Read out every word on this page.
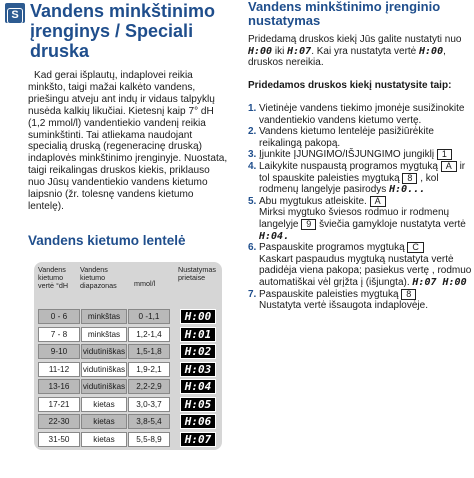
S Vandens minkštinimo įrenginys / Speciali druska
Kad gerai išplautų, indaplovei reikia minkšto, taigi mažai kalkėto vandens, priešingu atveju ant indų ir vidaus talpyklų nusėda kalkių likučiai. Kietesnį kaip 7° dH (1,2 mmol/l) vandentiekio vandenį reikia suminkštinti. Tai atliekama naudojant specialią druską (regeneracinę druską) indaplovės minkštinimo įrenginyje. Nuostata, taigi reikalingas druskos kiekis, priklauso nuo Jūsų vandentiekio vandens kietumo laipsnio (žr. tolesnę vandens kietumo lentelę).
Vandens kietumo lentelė
Vandens kietumo vertė °dH
Vandens kietumo diapazonas	mmol/l
Nustatymas prietaise
0 - 6	minkštas	0 -1,1	H:00
7 - 8	minkštas	1,2-1,4	H:01
9-10	vidutiniškas	1,5-1,8	H:02
11-12	vidutiniškas	1,9-2,1	H:03
13-16	vidutiniškas	2,2-2,9	H:04
17-21	kietas	3,0-3,7	H:05
22-30	kietas	3,8-5,4	H:06
31-50	kietas	5,5-8,9	H:07
Vandens minkštinimo įrenginio nustatymas
Pridedamą druskos kiekį Jūs galite nustatyti nuo H:00 iki H:07. Kai yra nustatyta vertė H:00, druskos nereikia.
Pridedamos druskos kiekį nustatysite taip:
1. Vietinėje vandens tiekimo įmonėje susižinokite vandentiekio vandens kietumo vertę.
2. Vandens kietumo lentelėje pasižiūrėkite reikalingą pakopą.
3. Įjunkite ĮJUNGIMO/IŠJUNGIMO jungiklį 1
4. Laikykite nuspaustą programos mygtuką A ir tol spauskite paleisties mygtuką 8 , kol rodmenų langelyje pasirodys H:0...
5. Abu mygtukus atleiskite. A
Mirksi mygtuko šviesos rodmuo ir rodmenų langelyje 9 šviečia gamykloje nustatyta vertė H:04.
6. Paspauskite programos mygtuką C
Kaskart paspaudus mygtuką nustatyta vertė padidėja viena pakopa; pasiekus vertę , rodmuo automatiškai vėl grįžta į (išjungta). H:07 H:00
7. Paspauskite paleisties mygtuką 8
Nustatyta vertė išsaugota indaplovėje.
